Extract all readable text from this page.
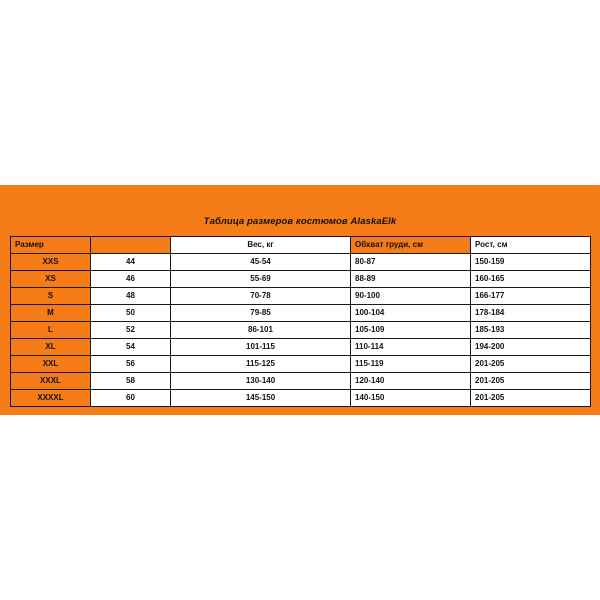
Таблица размеров костюмов AlaskaElk
Размер		Вес, кг	Обхват груди, см	Рост, см
XXS	44	45-54	80-87	150-159
XS	46	55-69	88-89	160-165
S	48	70-78	90-100	166-177
M	50	79-85	100-104	178-184
L	52	86-101	105-109	185-193
XL	54	101-115	110-114	194-200
XXL	56	115-125	115-119	201-205
XXXL	58	130-140	120-140	201-205
XXXXL	60	145-150	140-150	201-205
